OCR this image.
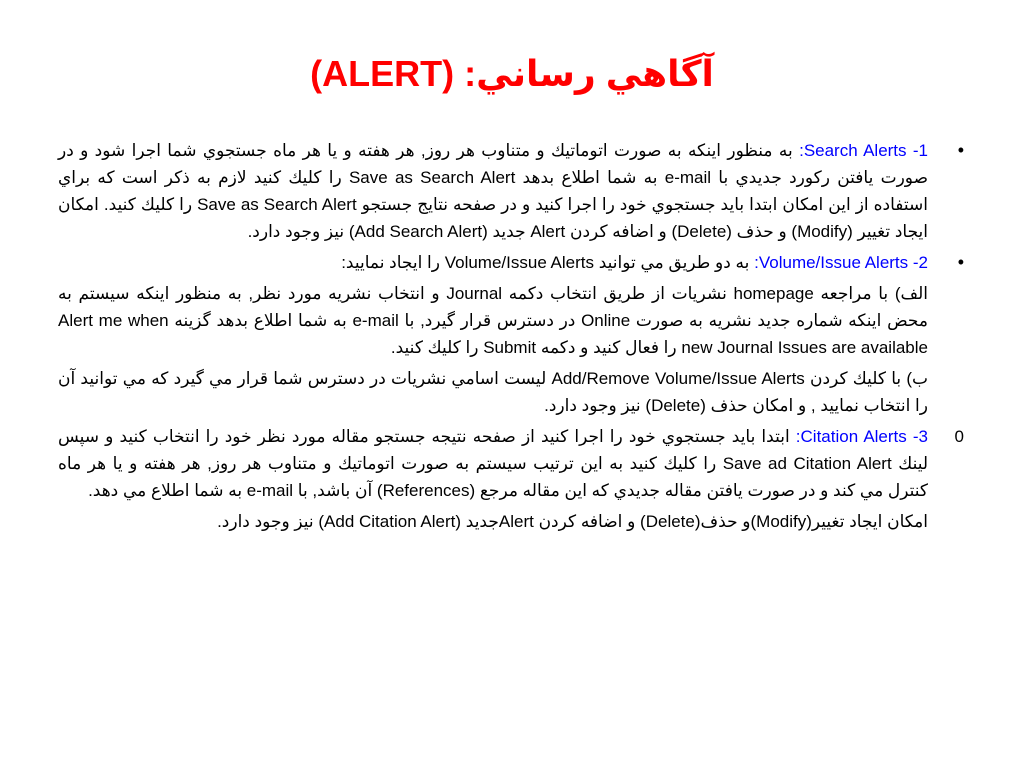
آگاهي رساني: (ALERT)
•
Search Alerts -1: به منظور اينكه به صورت اتوماتيك و متناوب هر روز, هر هفته و يا هر ماه جستجوي شما اجرا شود و در صورت يافتن ركورد جديدي با e-mail به شما اطلاع بدهد Save as Search Alert را كليك كنيد لازم به ذكر است كه براي استفاده از اين امكان ابتدا بايد جستجوي خود را اجرا كنيد و در صفحه نتايج جستجو Save as Search Alert را كليك كنيد. امكان ايجاد تغيير (Modify) و حذف (Delete) و اضافه كردن Alert جديد (Add Search Alert) نيز وجود دارد.
•
Volume/Issue Alerts -2: به دو طريق مي توانيد Volume/Issue Alerts را ايجاد نماييد:
الف) با مراجعه homepage نشريات از طريق انتخاب دكمه Journal و انتخاب نشريه مورد نظر, به منظور اينكه سيستم به محض اينكه شماره جديد نشريه به صورت Online در دسترس قرار گيرد, با e-mail به شما اطلاع بدهد گزينه Alert me when new Journal Issues are available را فعال كنيد و دكمه Submit را كليك كنيد.
ب) با كليك كردن Add/Remove Volume/Issue Alerts ليست اسامي نشريات در دسترس شما قرار مي گيرد كه مي توانيد آن را انتخاب نماييد , و امكان حذف (Delete) نيز وجود دارد.
0
Citation Alerts -3: ابتدا بايد جستجوي خود را اجرا كنيد از صفحه نتيجه جستجو مقاله مورد نظر خود را انتخاب كنيد و سپس لينك Save ad Citation Alert را كليك كنيد به اين ترتيب سيستم به صورت اتوماتيك و متناوب هر روز, هر هفته و يا هر ماه كنترل مي كند و در صورت يافتن مقاله جديدي كه اين مقاله مرجع (References) آن باشد, با e-mail به شما اطلاع مي دهد.
امكان ايجاد تغيير(Modify)و حذف(Delete) و اضافه كردن Alertجديد (Add Citation Alert) نيز وجود دارد.
